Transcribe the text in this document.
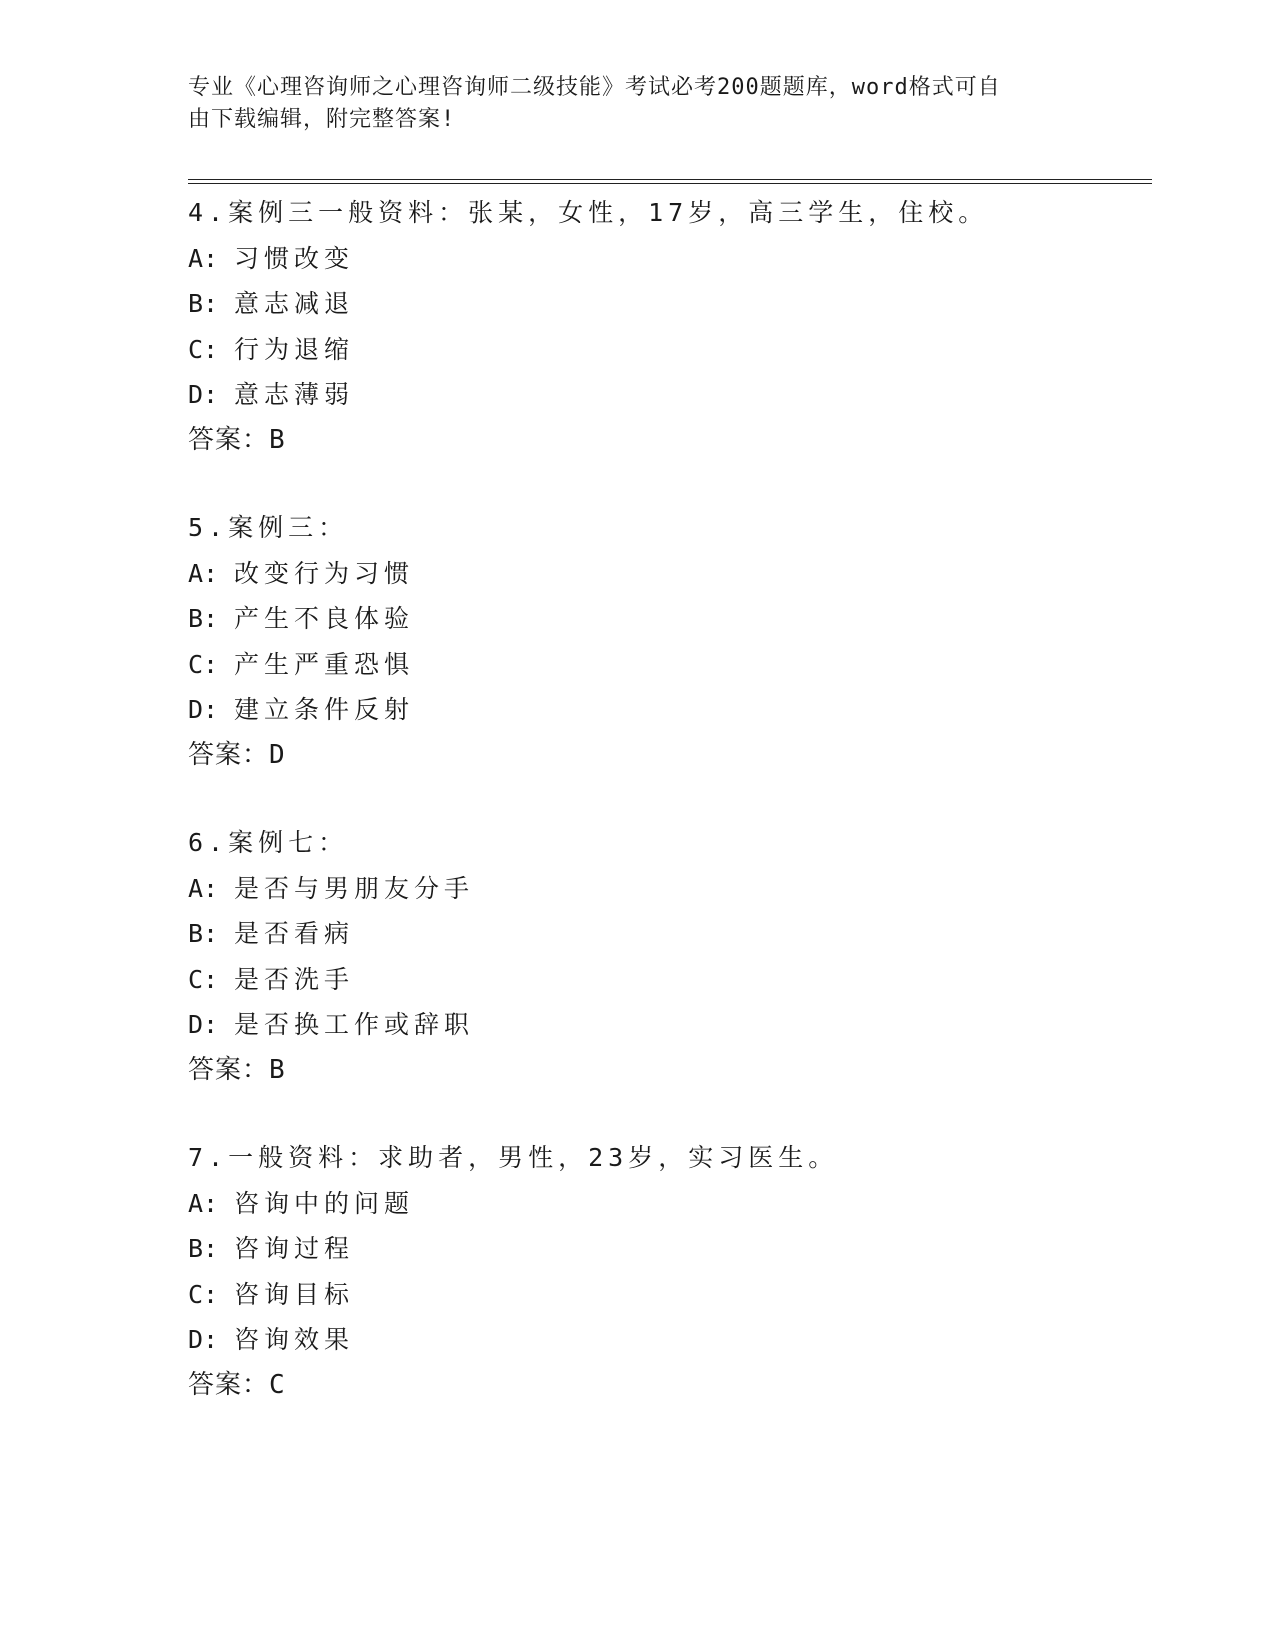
专业《心理咨询师之心理咨询师二级技能》考试必考200题题库，word格式可自
由下载编辑，附完整答案!
4.案例三一般资料：张某，女性，17岁，高三学生，住校。
A: 习惯改变
B: 意志减退
C: 行为退缩
D: 意志薄弱
答案：B
5.案例三：
A: 改变行为习惯
B: 产生不良体验
C: 产生严重恐惧
D: 建立条件反射
答案：D
6.案例七：
A: 是否与男朋友分手
B: 是否看病
C: 是否洗手
D: 是否换工作或辞职
答案：B
7.一般资料：求助者，男性，23岁，实习医生。
A: 咨询中的问题
B: 咨询过程
C: 咨询目标
D: 咨询效果
答案：C
